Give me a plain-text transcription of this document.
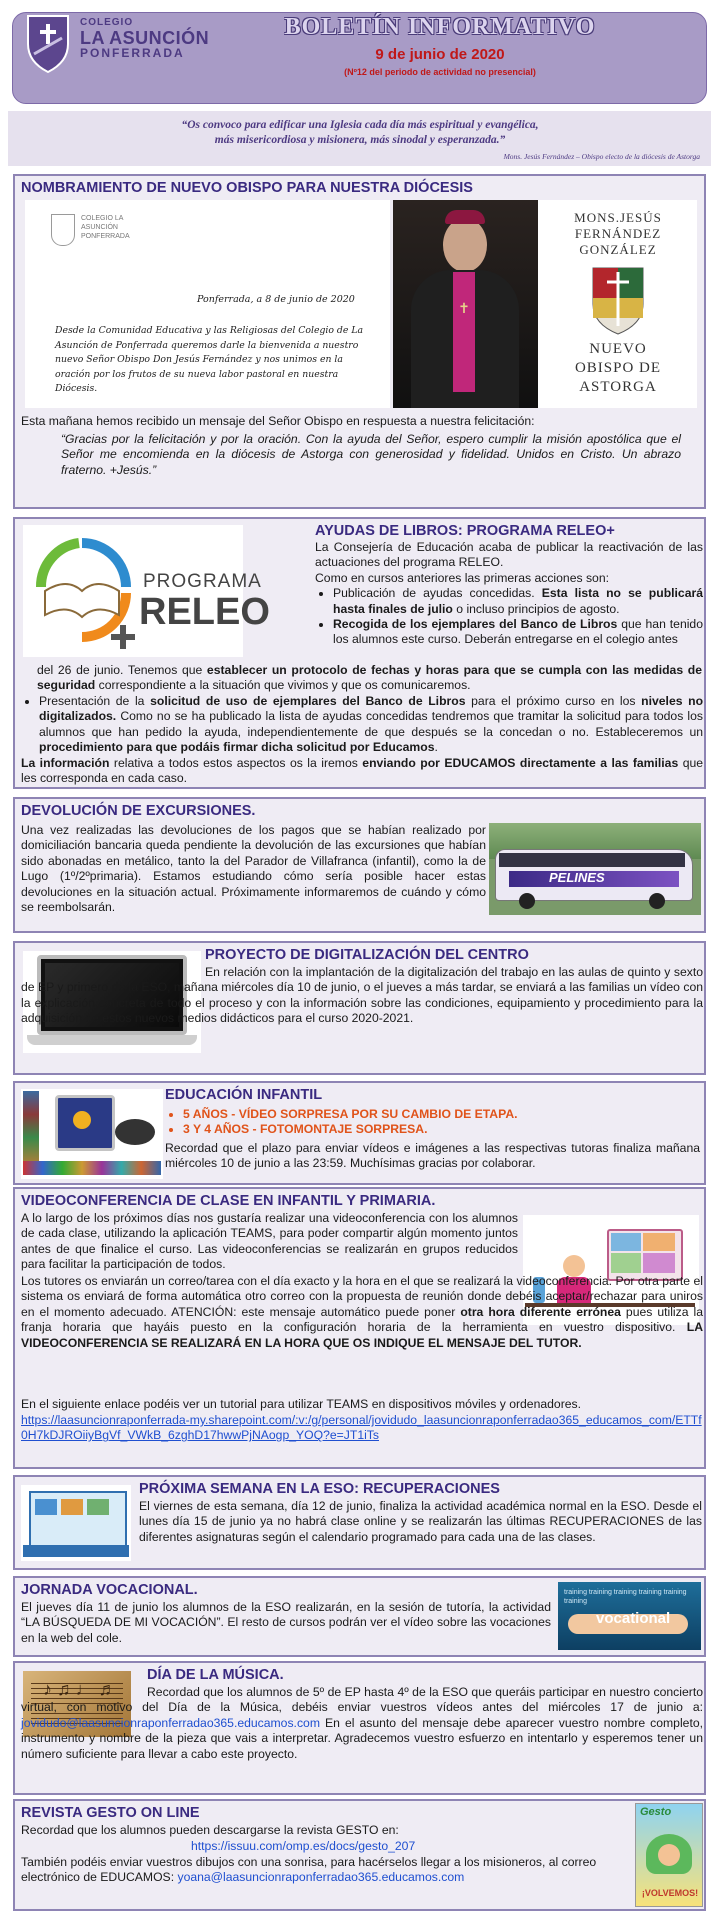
COLEGIO
LA ASUNCIÓN
PONFERRADA
BOLETÍN INFORMATIVO
9 de junio de 2020
(Nº12 del periodo de actividad no presencial)
“Os convoco para edificar una Iglesia cada día más espiritual y evangélica,
más misericordiosa y misionera, más sinodal y esperanzada.”
Mons. Jesús Fernández – Obispo electo de la diócesis de Astorga
NOMBRAMIENTO DE NUEVO OBISPO PARA NUESTRA DIÓCESIS
COLEGIO LA ASUNCIÓN PONFERRADA
Ponferrada, a 8 de junio de 2020
Desde la Comunidad Educativa y las Religiosas del Colegio de La Asunción de Ponferrada queremos darle la bienvenida a nuestro nuevo Señor Obispo Don Jesús Fernández y nos unimos en la oración por los frutos de su nueva labor pastoral en nuestra Diócesis.
✝
MONS.JESÚS
FERNÁNDEZ
GONZÁLEZ
NUEVO
OBISPO DE
ASTORGA
Esta mañana hemos recibido un mensaje del Señor Obispo en respuesta a nuestra felicitación:
“Gracias por la felicitación y por la oración. Con la ayuda del Señor, espero cumplir la misión apostólica que el Señor me encomienda en la diócesis de Astorga con generosidad y fidelidad. Unidos en Cristo. Un abrazo fraterno. +Jesús.”
PROGRAMA
RELEO
AYUDAS DE LIBROS: PROGRAMA RELEO+
La Consejería de Educación acaba de publicar la reactivación de las actuaciones del programa RELEO.
Como en cursos anteriores las primeras acciones son:
• Publicación de ayudas concedidas. Esta lista no se publicará hasta finales de julio o incluso principios de agosto.
• Recogida de los ejemplares del Banco de Libros que han tenido los alumnos este curso. Deberán entregarse en el colegio antes
del 26 de junio. Tenemos que establecer un protocolo de fechas y horas para que se cumpla con las medidas de seguridad correspondiente a la situación que vivimos y que os comunicaremos.
• Presentación de la solicitud de uso de ejemplares del Banco de Libros para el próximo curso en los niveles no digitalizados. Como no se ha publicado la lista de ayudas concedidas tendremos que tramitar la solicitud para todos los alumnos que han pedido la ayuda, independientemente de que después se la concedan o no. Estableceremos un procedimiento para que podáis firmar dicha solicitud por Educamos.
La información relativa a todos estos aspectos os la iremos enviando por EDUCAMOS directamente a las familias que les corresponda en cada caso.
DEVOLUCIÓN DE EXCURSIONES.
Una vez realizadas las devoluciones de los pagos que se habían realizado por domiciliación bancaria queda pendiente la devolución de las excursiones que habían sido abonadas en metálico, tanto la del Parador de Villafranca (infantil), como la de Lugo (1º/2ºprimaria). Estamos estudiando cómo sería posible hacer estas devoluciones en la situación actual. Próximamente informaremos de cuándo y cómo se reembolsarán.
PELINES
PROYECTO DE DIGITALIZACIÓN DEL CENTRO
En relación con la implantación de la digitalización del trabajo en las aulas de quinto y sexto de EP y primero de la ESO, mañana miércoles día 10 de junio, o el jueves a más tardar, se enviará a las familias un vídeo con la explicación concreta de todo el proceso y con la información sobre las condiciones, equipamiento y procedimiento para la adquisición de estos nuevos medios didácticos para el curso 2020-2021.
EDUCACIÓN INFANTIL
• 5 AÑOS - VÍDEO SORPRESA POR SU CAMBIO DE ETAPA.
• 3 Y 4 AÑOS - FOTOMONTAJE SORPRESA.
Recordad que el plazo para enviar vídeos e imágenes a las respectivas tutoras finaliza mañana miércoles 10 de junio a las 23:59. Muchísimas gracias por colaborar.
VIDEOCONFERENCIA DE CLASE EN INFANTIL Y PRIMARIA.
A lo largo de los próximos días nos gustaría realizar una videoconferencia con los alumnos de cada clase, utilizando la aplicación TEAMS, para poder compartir algún momento juntos antes de que finalice el curso. Las videoconferencias se realizarán en grupos reducidos para facilitar la participación de todos.
Los tutores os enviarán un correo/tarea con el día exacto y la hora en el que se realizará la videoconferencia. Por otra parte el sistema os enviará de forma automática otro correo con la propuesta de reunión donde debéis aceptar/rechazar para uniros en el momento adecuado. ATENCIÓN: este mensaje automático puede poner otra hora diferente errónea pues utiliza la franja horaria que hayáis puesto en la configuración horaria de la herramienta en vuestro dispositivo. LA VIDEOCONFERENCIA SE REALIZARÁ EN LA HORA QUE OS INDIQUE EL MENSAJE DEL TUTOR.
En el siguiente enlace podéis ver un tutorial para utilizar TEAMS en dispositivos móviles y ordenadores.
https://laasuncionraponferrada-my.sharepoint.com/:v:/g/personal/jovidudo_laasuncionraponferradao365_educamos_com/ETTf0H7kDJROiiyBgVf_VWkB_6zghD17hwwPjNAogp_YOQ?e=JT1iTs
PRÓXIMA SEMANA EN LA ESO: RECUPERACIONES
El viernes de esta semana, día 12 de junio, finaliza la actividad académica normal en la ESO. Desde el lunes día 15 de junio ya no habrá clase online y se realizarán las últimas RECUPERACIONES de las diferentes asignaturas según el calendario programado para cada una de las clases.
JORNADA VOCACIONAL.
El jueves día 11 de junio los alumnos de la ESO realizarán, en la sesión de tutoría, la actividad “LA BÚSQUEDA DE MI VOCACIÓN”. El resto de cursos podrán ver el vídeo sobre las vocaciones en la web del cole.
training training training training training training
vocational
♪ ♫ ♩ ♬
DÍA DE LA MÚSICA.
Recordad que los alumnos de 5º de EP hasta 4º de la ESO que queráis participar en nuestro concierto virtual, con motivo del Día de la Música, debéis enviar vuestros vídeos antes del miércoles 17 de junio a: jovidudo@laasuncionraponferradao365.educamos.com En el asunto del mensaje debe aparecer vuestro nombre completo, instrumento y nombre de la pieza que vais a interpretar. Agradecemos vuestro esfuerzo en intentarlo y esperemos tener un número suficiente para llevar a cabo este proyecto.
REVISTA GESTO ON LINE
Recordad que los alumnos pueden descargarse la revista GESTO en:
https://issuu.com/omp.es/docs/gesto_207
También podéis enviar vuestros dibujos con una sonrisa, para hacérselos llegar a los misioneros, al correo electrónico de EDUCAMOS: yoana@laasuncionraponferradao365.educamos.com
Gesto
¡VOLVEMOS!
